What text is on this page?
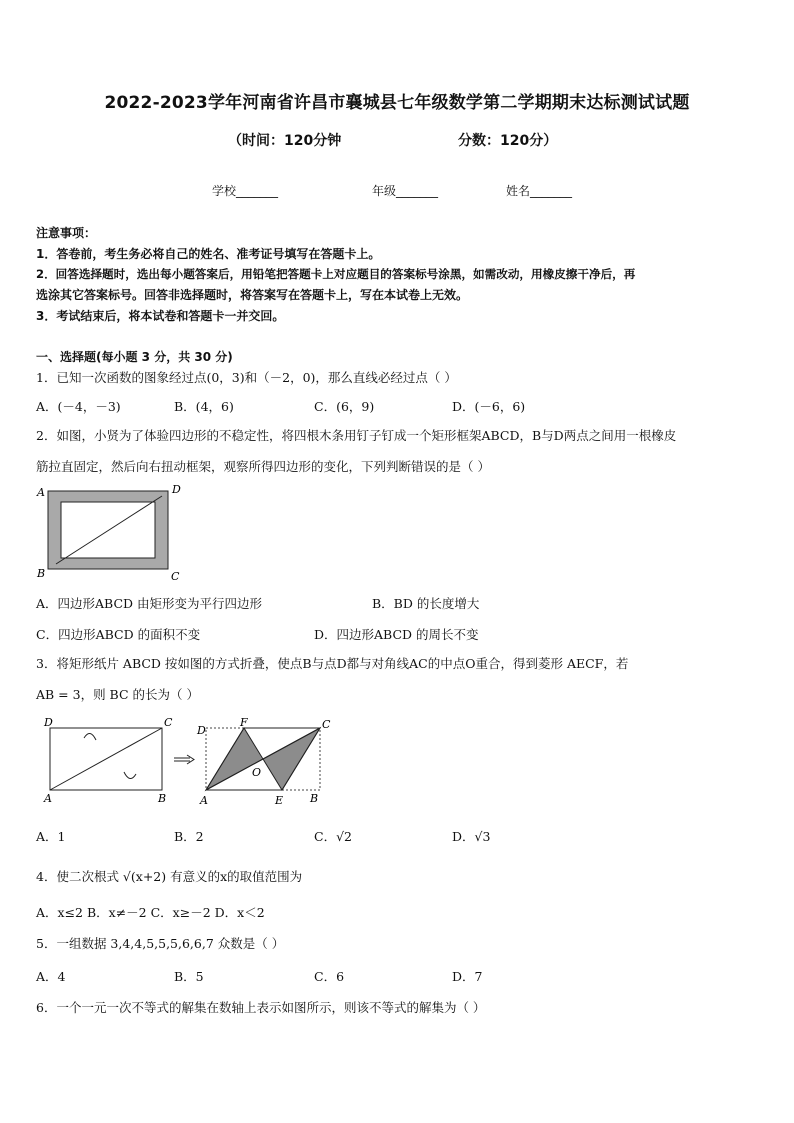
2022-2023学年河南省许昌市襄城县七年级数学第二学期期末达标测试试题
（时间：120分钟	分数：120分）
学校_______	年级_______	姓名_______
注意事项：
1．答卷前，考生务必将自己的姓名、准考证号填写在答题卡上。
2．回答选择题时，选出每小题答案后，用铅笔把答题卡上对应题目的答案标号涂黑，如需改动，用橡皮擦干净后，再
选涂其它答案标号。回答非选择题时，将答案写在答题卡上，写在本试卷上无效。
3．考试结束后，将本试卷和答题卡一并交回。
一、选择题(每小题 3 分，共 30 分)
1．已知一次函数的图象经过点(0，3)和（－2，0)，那么直线必经过点（ ）
A．(－4，－3)	B．(4，6)	C．(6，9)	D．(－6，6)
2．如图，小贤为了体验四边形的不稳定性，将四根木条用钉子钉成一个矩形框架ABCD，B与D两点之间用一根橡皮
筋拉直固定，然后向右扭动框架，观察所得四边形的变化，下列判断错误的是（ ）
A	D
B	C
A．四边形ABCD 由矩形变为平行四边形	B．BD 的长度增大
C．四边形ABCD 的面积不变	D．四边形ABCD 的周长不变
3．将矩形纸片 ABCD 按如图的方式折叠，使点B与点D都与对角线AC的中点O重合，得到菱形 AECF，若
AB = 3，则 BC 的长为（ ）
D	C
A	B
D
F	C
O
A	E B
A．1	B．2	C．√2	D．√3
4．使二次根式 √(x+2) 有意义的x的取值范围为
A．x≤2 B．x≠－2 C．x≥－2 D．x＜2
5．一组数据 3,4,4,5,5,5,6,6,7 众数是（ ）
A．4	B．5	C．6	D．7
6．一个一元一次不等式的解集在数轴上表示如图所示，则该不等式的解集为（ ）
